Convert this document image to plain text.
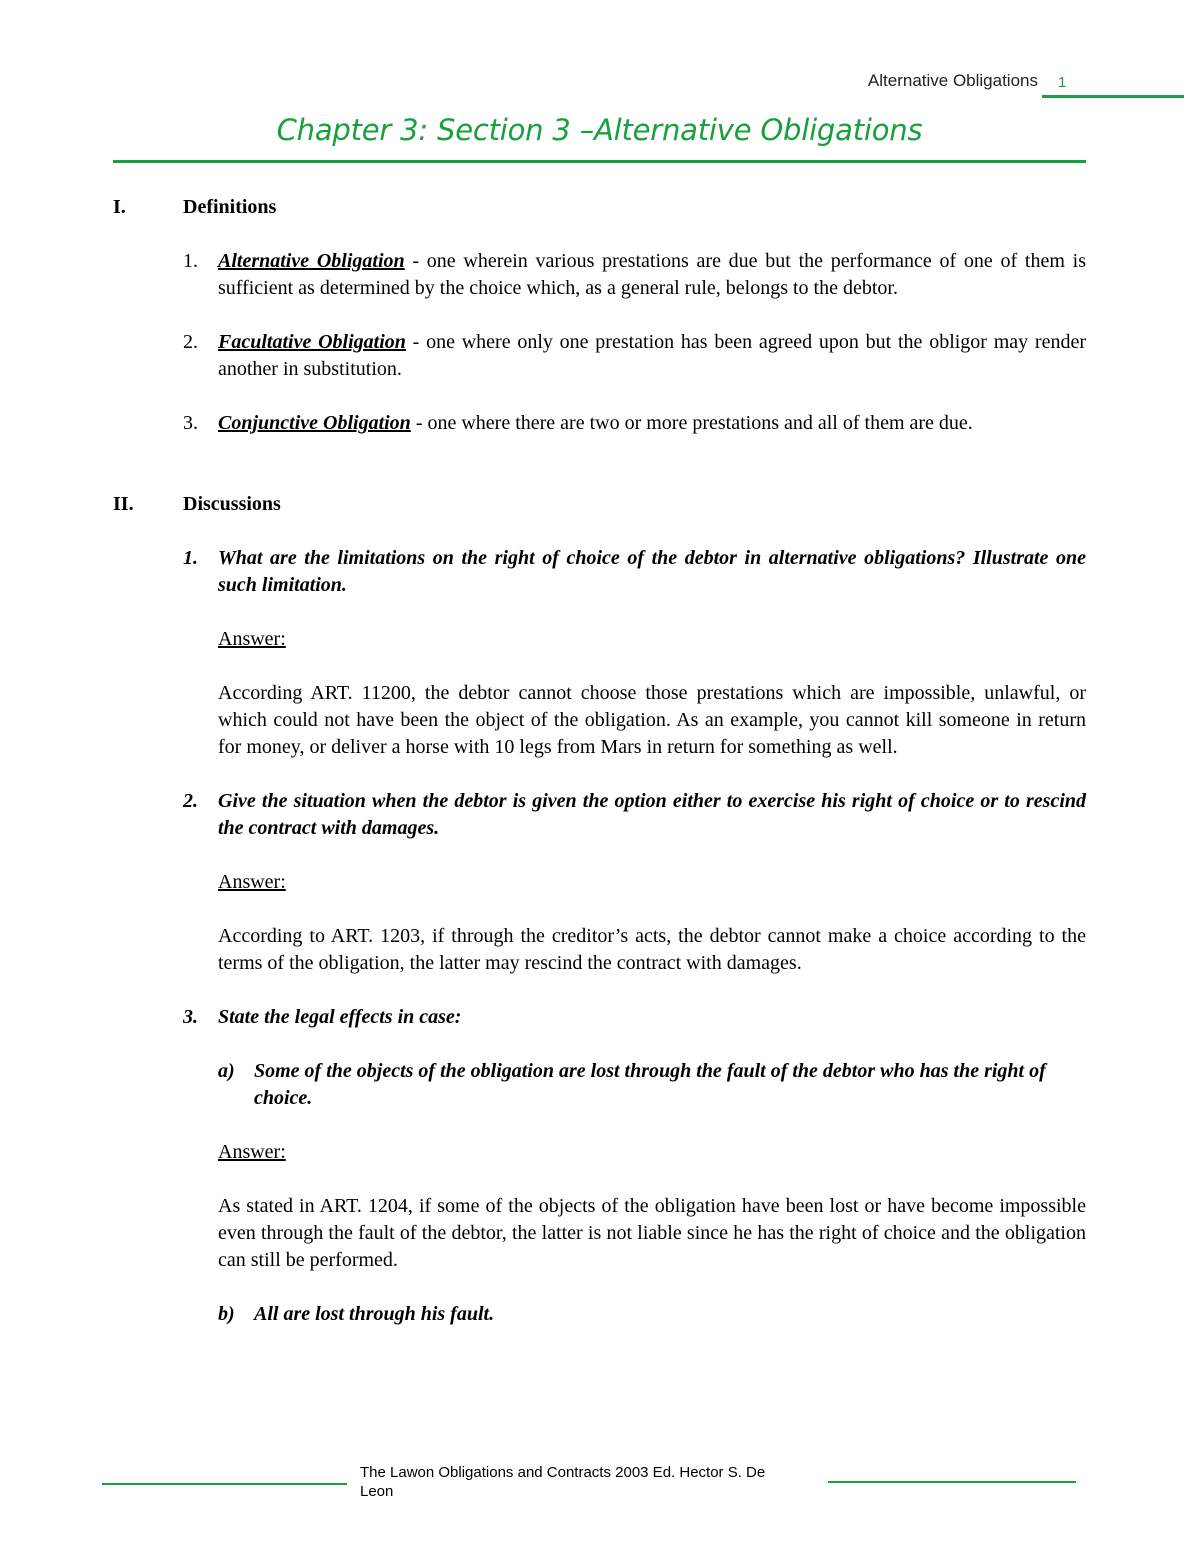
Alternative Obligations 1
Chapter 3: Section 3 –Alternative Obligations
I.	Definitions
1.	Alternative Obligation - one wherein various prestations are due but the performance of one of them is sufficient as determined by the choice which, as a general rule, belongs to the debtor.
2.	Facultative Obligation - one where only one prestation has been agreed upon but the obligor may render another in substitution.
3.	Conjunctive Obligation - one where there are two or more prestations and all of them are due.
II.	Discussions
1.	What are the limitations on the right of choice of the debtor in alternative obligations? Illustrate one such limitation.
Answer:
According ART. 11200, the debtor cannot choose those prestations which are impossible, unlawful, or which could not have been the object of the obligation. As an example, you cannot kill someone in return for money, or deliver a horse with 10 legs from Mars in return for something as well.
2.	Give the situation when the debtor is given the option either to exercise his right of choice or to rescind the contract with damages.
Answer:
According to ART. 1203, if through the creditor’s acts, the debtor cannot make a choice according to the terms of the obligation, the latter may rescind the contract with damages.
3.	State the legal effects in case:
a) Some of the objects of the obligation are lost through the fault of the debtor who has the right of choice.
Answer:
As stated in ART. 1204, if some of the objects of the obligation have been lost or have become impossible even through the fault of the debtor, the latter is not liable since he has the right of choice and the obligation can still be performed.
b) All are lost through his fault.
The Lawon Obligations and Contracts 2003 Ed. Hector S. De Leon
